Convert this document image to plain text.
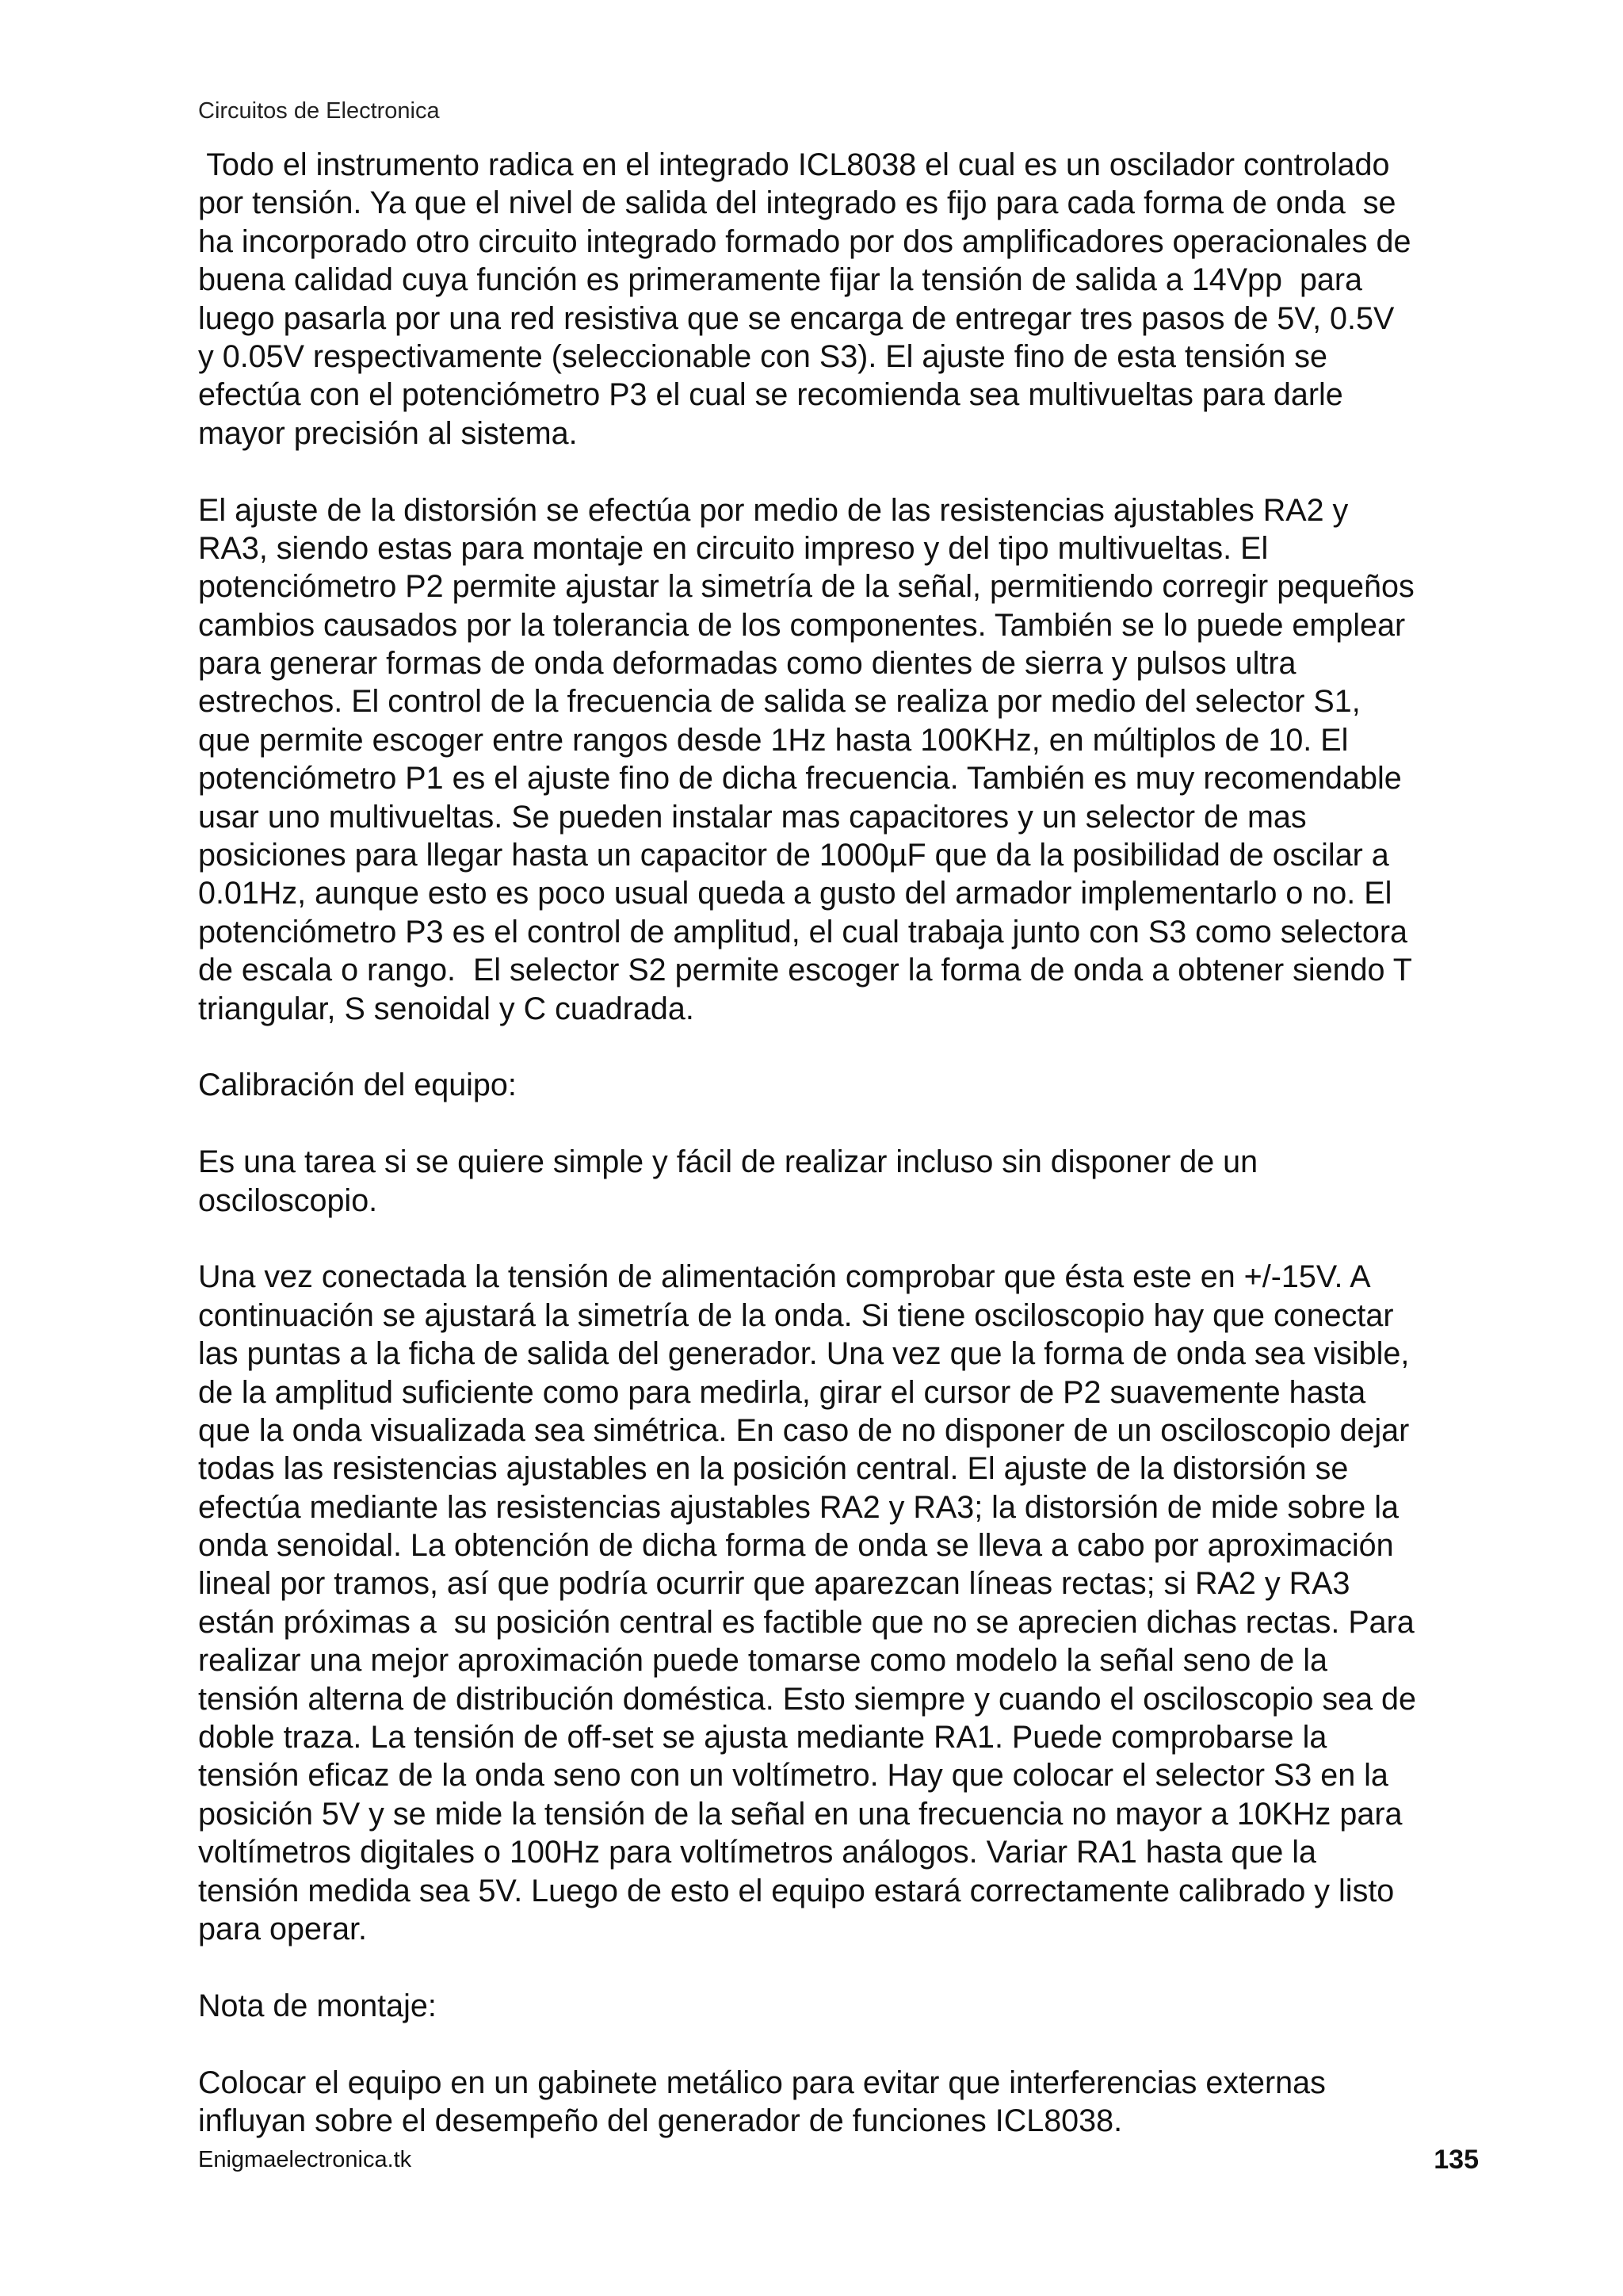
Circuitos de Electronica
Todo el instrumento radica en el integrado ICL8038 el cual es un oscilador controlado
por tensión. Ya que el nivel de salida del integrado es fijo para cada forma de onda  se
ha incorporado otro circuito integrado formado por dos amplificadores operacionales de
buena calidad cuya función es primeramente fijar la tensión de salida a 14Vpp  para
luego pasarla por una red resistiva que se encarga de entregar tres pasos de 5V, 0.5V
y 0.05V respectivamente (seleccionable con S3). El ajuste fino de esta tensión se
efectúa con el potenciómetro P3 el cual se recomienda sea multivueltas para darle
mayor precisión al sistema.
El ajuste de la distorsión se efectúa por medio de las resistencias ajustables RA2 y
RA3, siendo estas para montaje en circuito impreso y del tipo multivueltas. El
potenciómetro P2 permite ajustar la simetría de la señal, permitiendo corregir pequeños
cambios causados por la tolerancia de los componentes. También se lo puede emplear
para generar formas de onda deformadas como dientes de sierra y pulsos ultra
estrechos. El control de la frecuencia de salida se realiza por medio del selector S1,
que permite escoger entre rangos desde 1Hz hasta 100KHz, en múltiplos de 10. El
potenciómetro P1 es el ajuste fino de dicha frecuencia. También es muy recomendable
usar uno multivueltas. Se pueden instalar mas capacitores y un selector de mas
posiciones para llegar hasta un capacitor de 1000µF que da la posibilidad de oscilar a
0.01Hz, aunque esto es poco usual queda a gusto del armador implementarlo o no. El
potenciómetro P3 es el control de amplitud, el cual trabaja junto con S3 como selectora
de escala o rango.  El selector S2 permite escoger la forma de onda a obtener siendo T
triangular, S senoidal y C cuadrada.
Calibración del equipo:
Es una tarea si se quiere simple y fácil de realizar incluso sin disponer de un
osciloscopio.
Una vez conectada la tensión de alimentación comprobar que ésta este en +/-15V. A
continuación se ajustará la simetría de la onda. Si tiene osciloscopio hay que conectar
las puntas a la ficha de salida del generador. Una vez que la forma de onda sea visible,
de la amplitud suficiente como para medirla, girar el cursor de P2 suavemente hasta
que la onda visualizada sea simétrica. En caso de no disponer de un osciloscopio dejar
todas las resistencias ajustables en la posición central. El ajuste de la distorsión se
efectúa mediante las resistencias ajustables RA2 y RA3; la distorsión de mide sobre la
onda senoidal. La obtención de dicha forma de onda se lleva a cabo por aproximación
lineal por tramos, así que podría ocurrir que aparezcan líneas rectas; si RA2 y RA3
están próximas a  su posición central es factible que no se aprecien dichas rectas. Para
realizar una mejor aproximación puede tomarse como modelo la señal seno de la
tensión alterna de distribución doméstica. Esto siempre y cuando el osciloscopio sea de
doble traza. La tensión de off-set se ajusta mediante RA1. Puede comprobarse la
tensión eficaz de la onda seno con un voltímetro. Hay que colocar el selector S3 en la
posición 5V y se mide la tensión de la señal en una frecuencia no mayor a 10KHz para
voltímetros digitales o 100Hz para voltímetros análogos. Variar RA1 hasta que la
tensión medida sea 5V. Luego de esto el equipo estará correctamente calibrado y listo
para operar.
Nota de montaje:
Colocar el equipo en un gabinete metálico para evitar que interferencias externas
influyan sobre el desempeño del generador de funciones ICL8038.
Enigmaelectronica.tk	135
